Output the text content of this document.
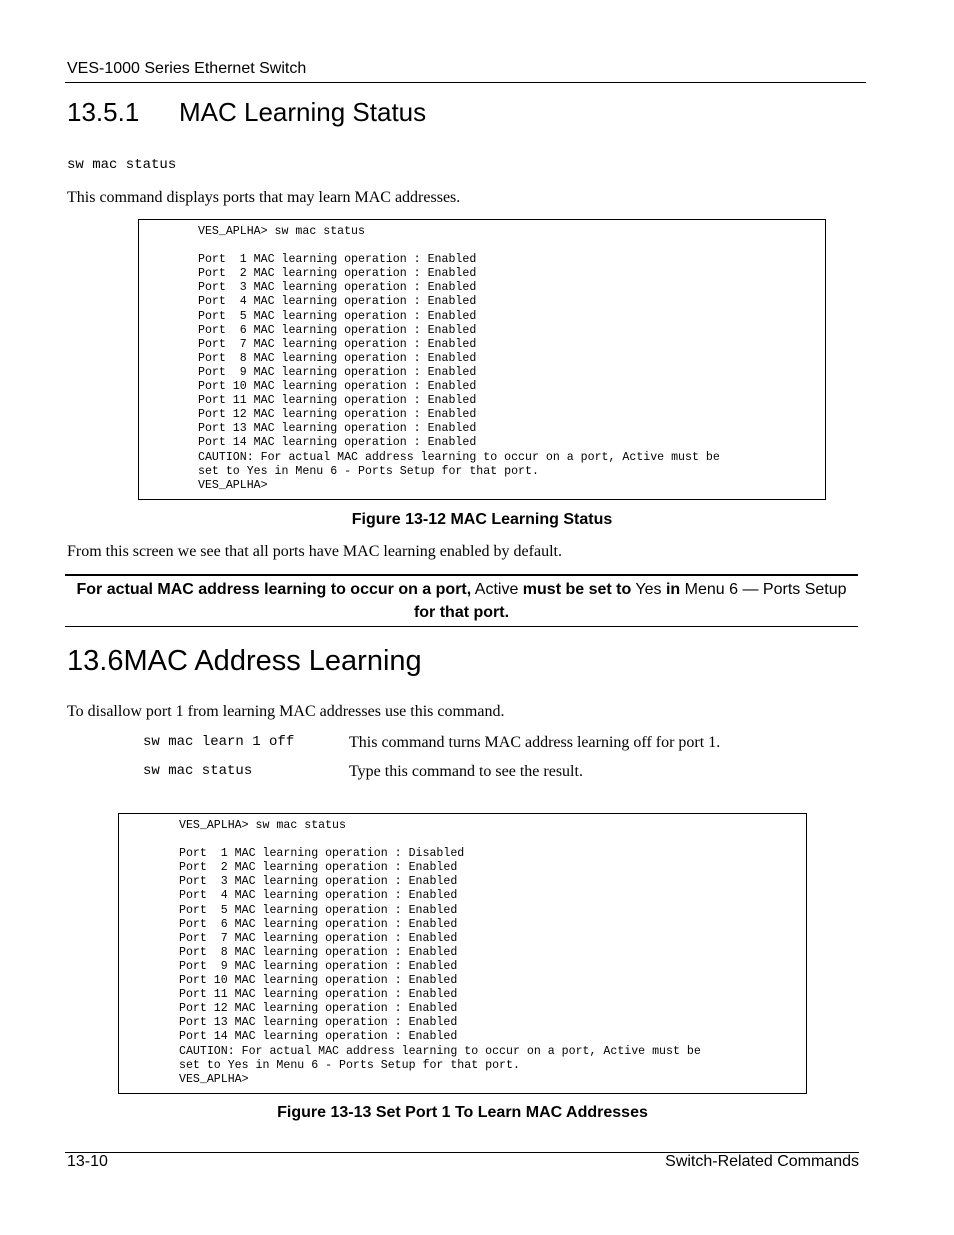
VES-1000 Series Ethernet Switch
13.5.1 MAC Learning Status
sw mac status
This command displays ports that may learn MAC addresses.
VES_APLHA> sw mac status

Port  1 MAC learning operation : Enabled
Port  2 MAC learning operation : Enabled
Port  3 MAC learning operation : Enabled
Port  4 MAC learning operation : Enabled
Port  5 MAC learning operation : Enabled
Port  6 MAC learning operation : Enabled
Port  7 MAC learning operation : Enabled
Port  8 MAC learning operation : Enabled
Port  9 MAC learning operation : Enabled
Port 10 MAC learning operation : Enabled
Port 11 MAC learning operation : Enabled
Port 12 MAC learning operation : Enabled
Port 13 MAC learning operation : Enabled
Port 14 MAC learning operation : Enabled
CAUTION: For actual MAC address learning to occur on a port, Active must be
set to Yes in Menu 6 - Ports Setup for that port.
VES_APLHA>
Figure 13-12 MAC Learning Status
From this screen we see that all ports have MAC learning enabled by default.
For actual MAC address learning to occur on a port, Active must be set to Yes in Menu 6 — Ports Setup for that port.
13.6MAC Address Learning
To disallow port 1 from learning MAC addresses use this command.
sw mac learn 1 off	This command turns MAC address learning off for port 1.
sw mac status	Type this command to see the result.
VES_APLHA> sw mac status

Port  1 MAC learning operation : Disabled
Port  2 MAC learning operation : Enabled
Port  3 MAC learning operation : Enabled
Port  4 MAC learning operation : Enabled
Port  5 MAC learning operation : Enabled
Port  6 MAC learning operation : Enabled
Port  7 MAC learning operation : Enabled
Port  8 MAC learning operation : Enabled
Port  9 MAC learning operation : Enabled
Port 10 MAC learning operation : Enabled
Port 11 MAC learning operation : Enabled
Port 12 MAC learning operation : Enabled
Port 13 MAC learning operation : Enabled
Port 14 MAC learning operation : Enabled
CAUTION: For actual MAC address learning to occur on a port, Active must be
set to Yes in Menu 6 - Ports Setup for that port.
VES_APLHA>
Figure 13-13 Set Port 1 To Learn MAC Addresses
13-10	Switch-Related Commands
